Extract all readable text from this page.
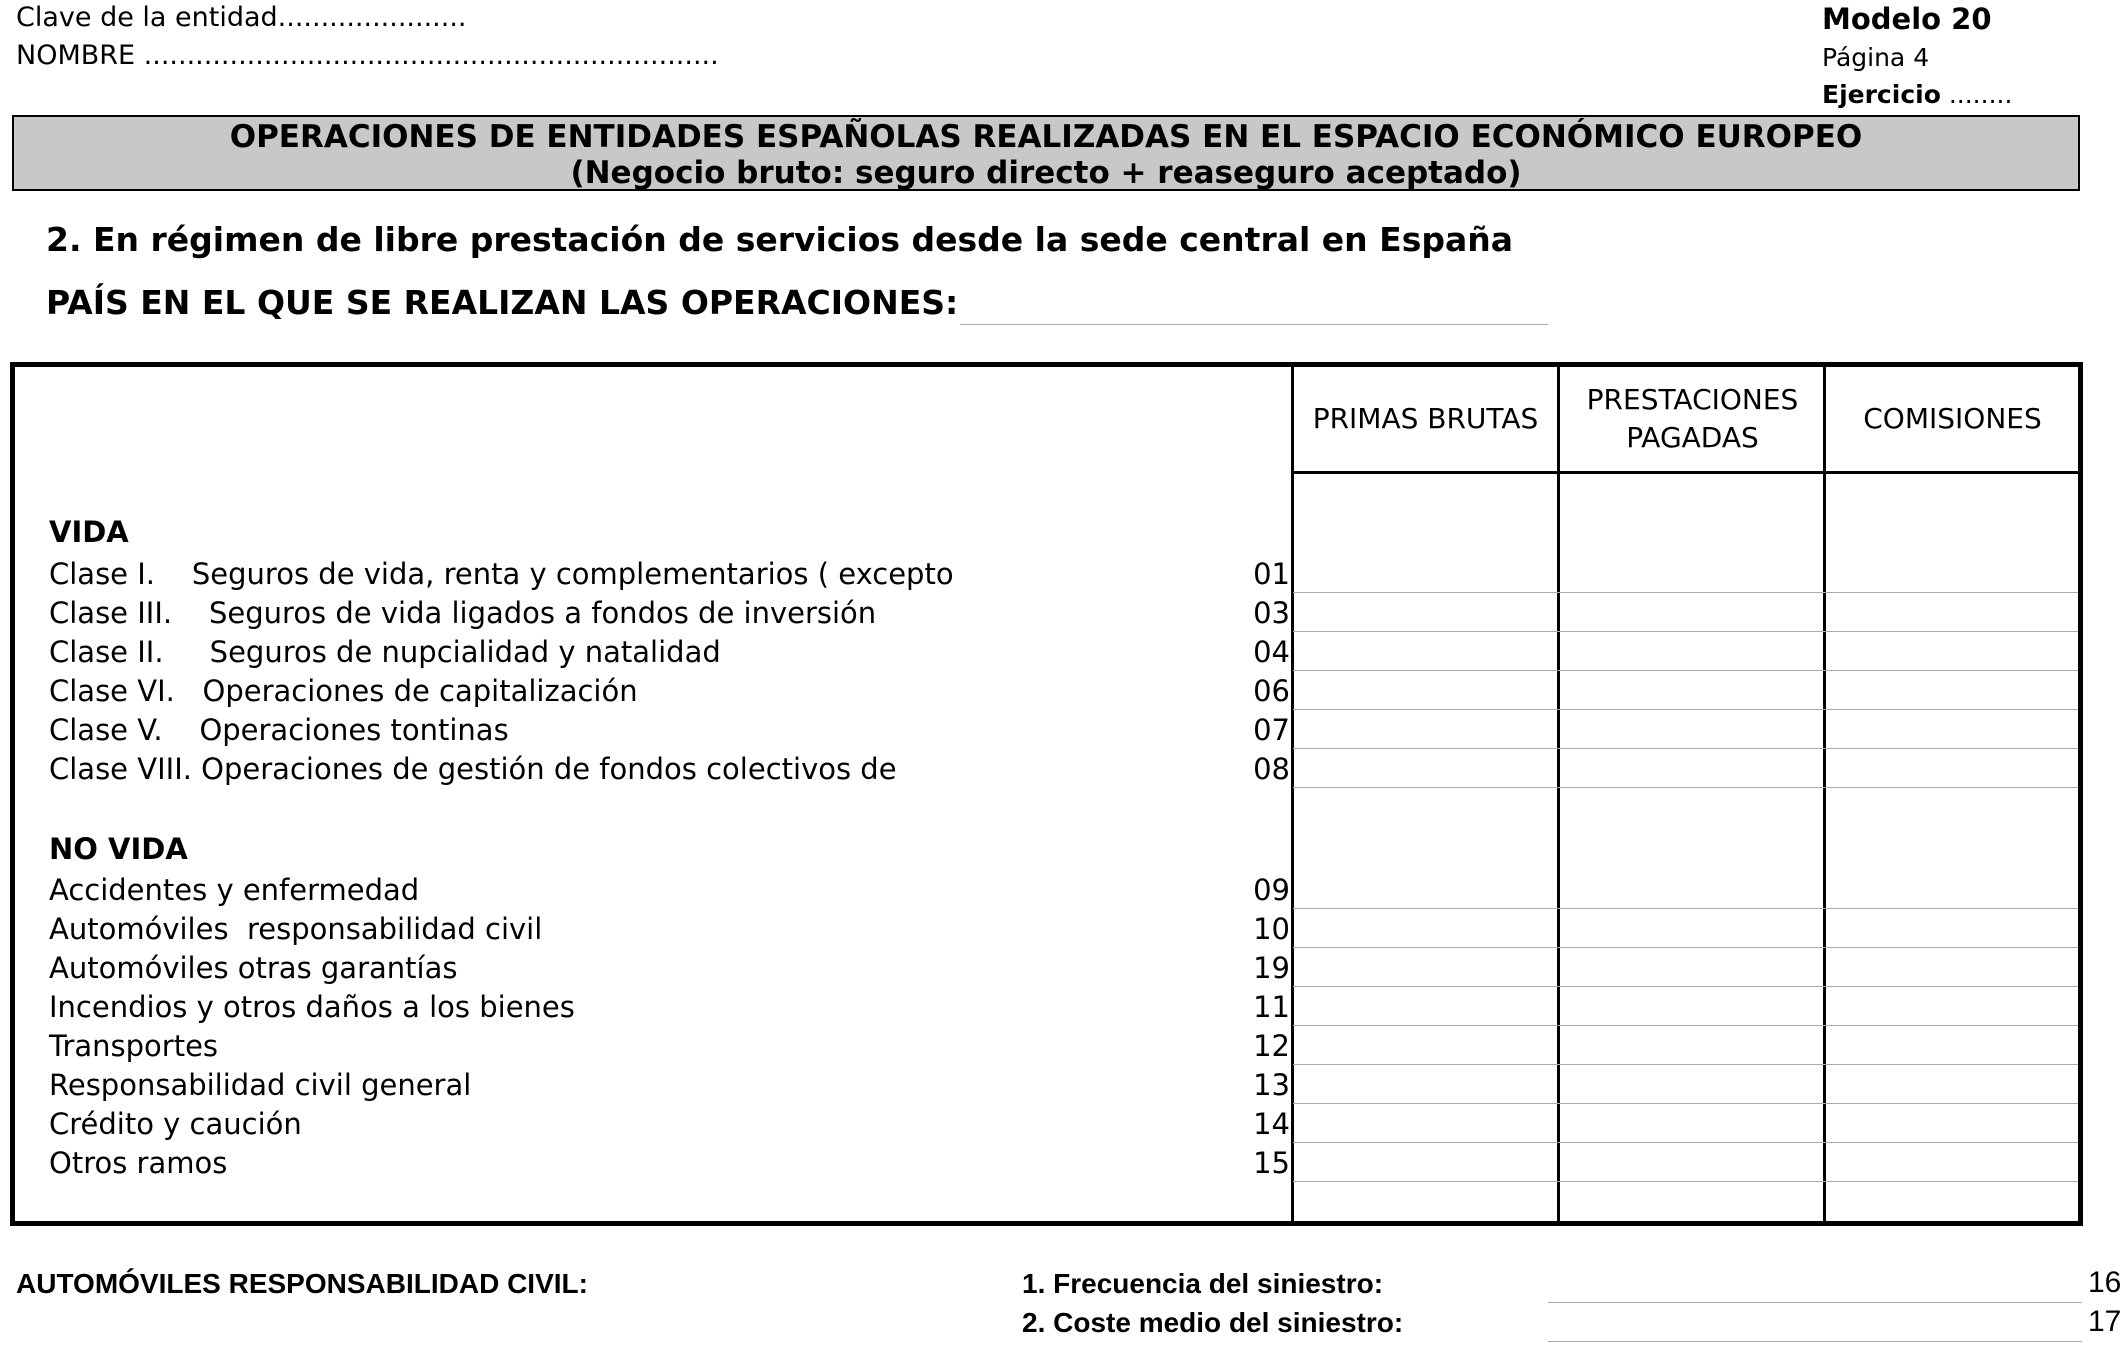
Clave de la entidad......................
NOMBRE ...................................................................
Modelo 20
Página 4
Ejercicio ........
OPERACIONES DE ENTIDADES ESPAÑOLAS REALIZADAS EN EL ESPACIO ECONÓMICO EUROPEO
(Negocio bruto: seguro directo + reaseguro aceptado)
2. En régimen de libre prestación de servicios desde la sede central en España
PAÍS EN EL QUE SE REALIZAN LAS OPERACIONES:
PRIMAS BRUTAS
PRESTACIONES PAGADAS
COMISIONES
VIDA
Clase I.    Seguros de vida, renta y complementarios ( excepto	01
Clase III.    Seguros de vida ligados a fondos de inversión	03
Clase II.     Seguros de nupcialidad y natalidad	04
Clase VI.   Operaciones de capitalización	06
Clase V.    Operaciones tontinas	07
Clase VIII. Operaciones de gestión de fondos colectivos de	08
NO VIDA
Accidentes y enfermedad	09
Automóviles  responsabilidad civil	10
Automóviles otras garantías	19
Incendios y otros daños a los bienes	11
Transportes	12
Responsabilidad civil general	13
Crédito y caución	14
Otros ramos	15
AUTOMÓVILES RESPONSABILIDAD CIVIL:	1. Frecuencia del siniestro:	16
2. Coste medio del siniestro:	17
